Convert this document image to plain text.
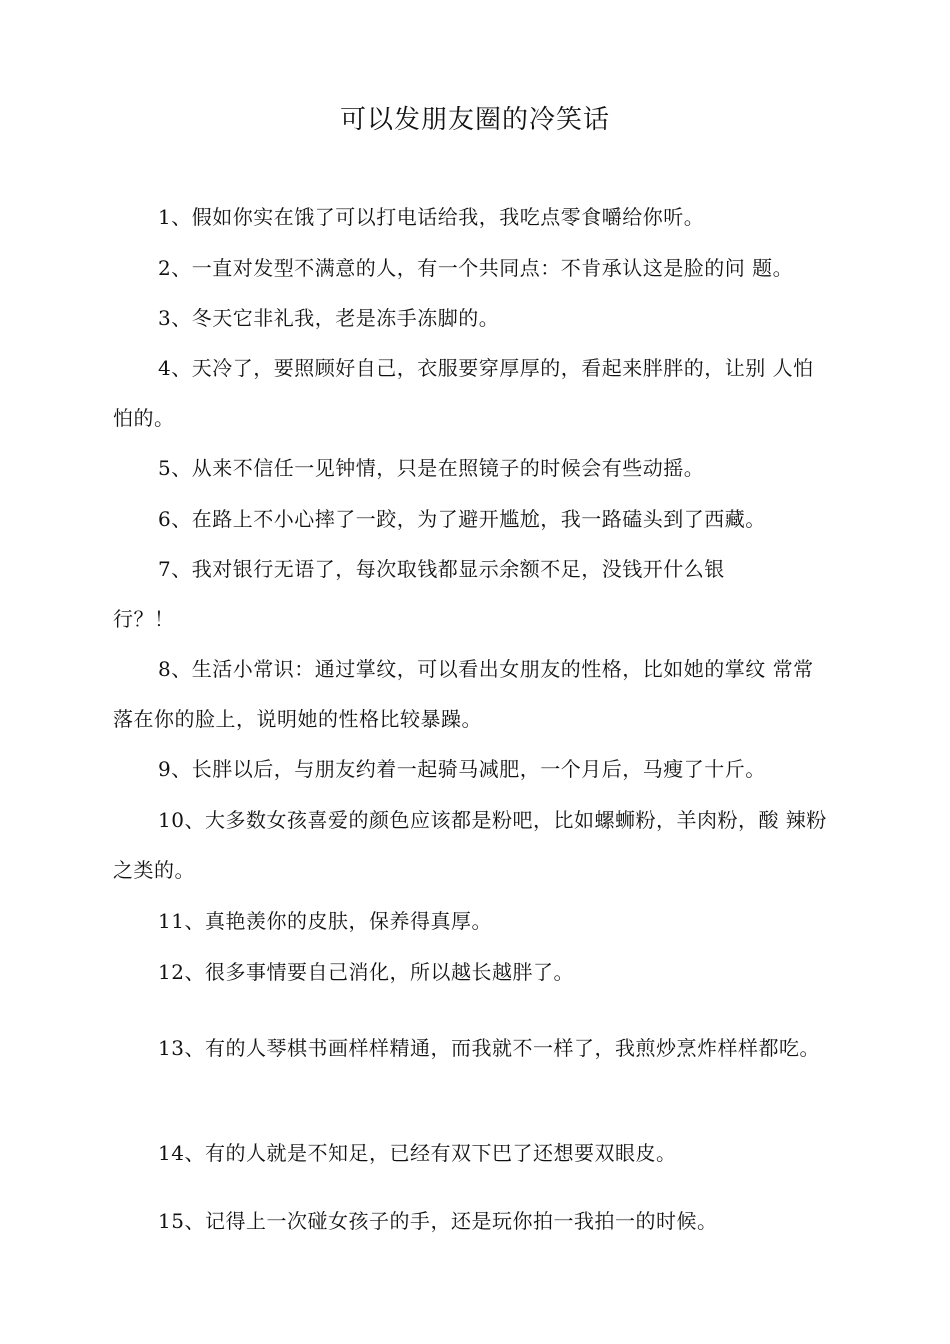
可以发朋友圈的冷笑话

1、假如你实在饿了可以打电话给我，我吃点零食嚼给你听。

2、一直对发型不满意的人，有一个共同点：不肯承认这是脸的问 题。

3、冬天它非礼我，老是冻手冻脚的。

4、天冷了，要照顾好自己，衣服要穿厚厚的，看起来胖胖的，让别 人怕怕的。

5、从来不信任一见钟情，只是在照镜子的时候会有些动摇。

6、在路上不小心摔了一跤，为了避开尴尬，我一路磕头到了西藏。

7、我对银行无语了，每次取钱都显示余额不足，没钱开什么银

行？！

8、生活小常识：通过掌纹，可以看出女朋友的性格，比如她的掌纹 常常落在你的脸上，说明她的性格比较暴躁。

9、长胖以后，与朋友约着一起骑马减肥，一个月后，马瘦了十斤。

10、大多数女孩喜爱的颜色应该都是粉吧，比如螺蛳粉，羊肉粉，酸 辣粉之类的。

11、真艳羡你的皮肤，保养得真厚。

12、很多事情要自己消化，所以越长越胖了。

13、有的人琴棋书画样样精通，而我就不一样了，我煎炒烹炸样样都吃。

14、有的人就是不知足，已经有双下巴了还想要双眼皮。

15、记得上一次碰女孩子的手，还是玩你拍一我拍一的时候。
